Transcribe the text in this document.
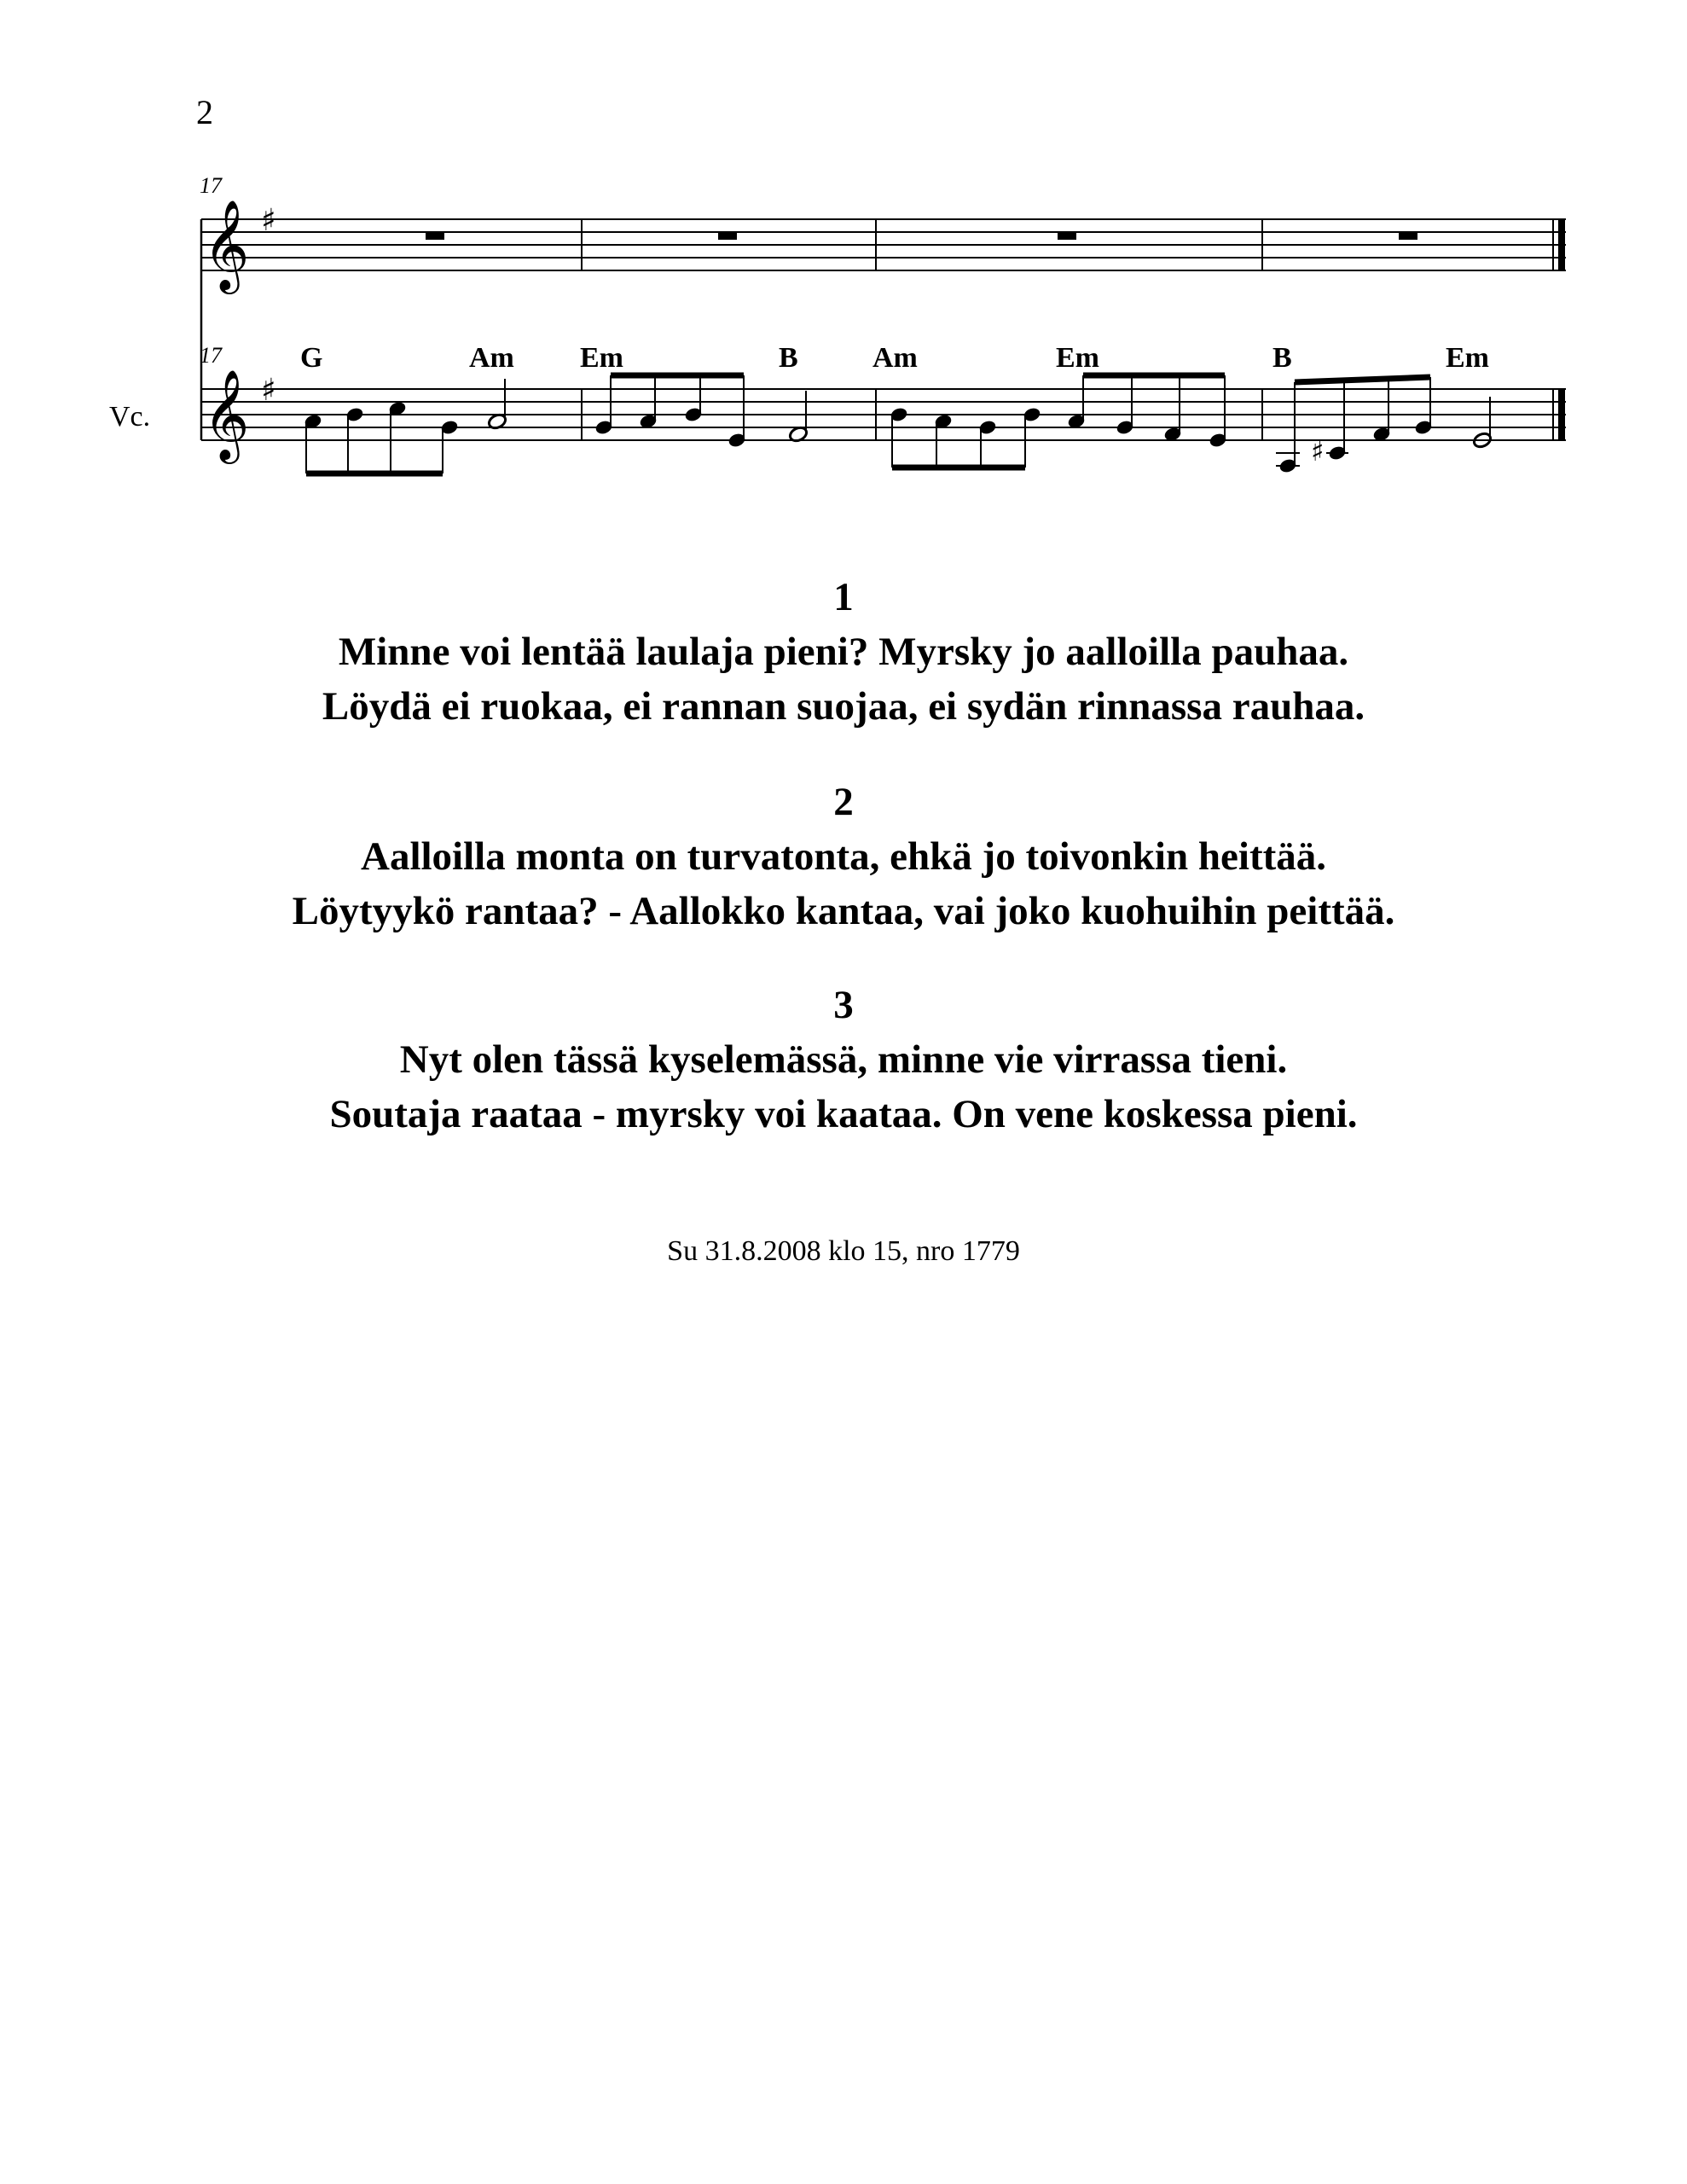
2
17
𝄞 ♯
17
Vc. 𝄞 ♯
G	Am Em	B	Am	Em	B	Em
♯
1
Minne voi lentää laulaja pieni? Myrsky jo aalloilla pauhaa.
Löydä ei ruokaa, ei rannan suojaa, ei sydän rinnassa rauhaa.
2
Aalloilla monta on turvatonta, ehkä jo toivonkin heittää.
Löytyykö rantaa? - Aallokko kantaa, vai joko kuohuihin peittää.
3
Nyt olen tässä kyselemässä, minne vie virrassa tieni.
Soutaja raataa - myrsky voi kaataa. On vene koskessa pieni.
Su 31.8.2008 klo 15, nro 1779
